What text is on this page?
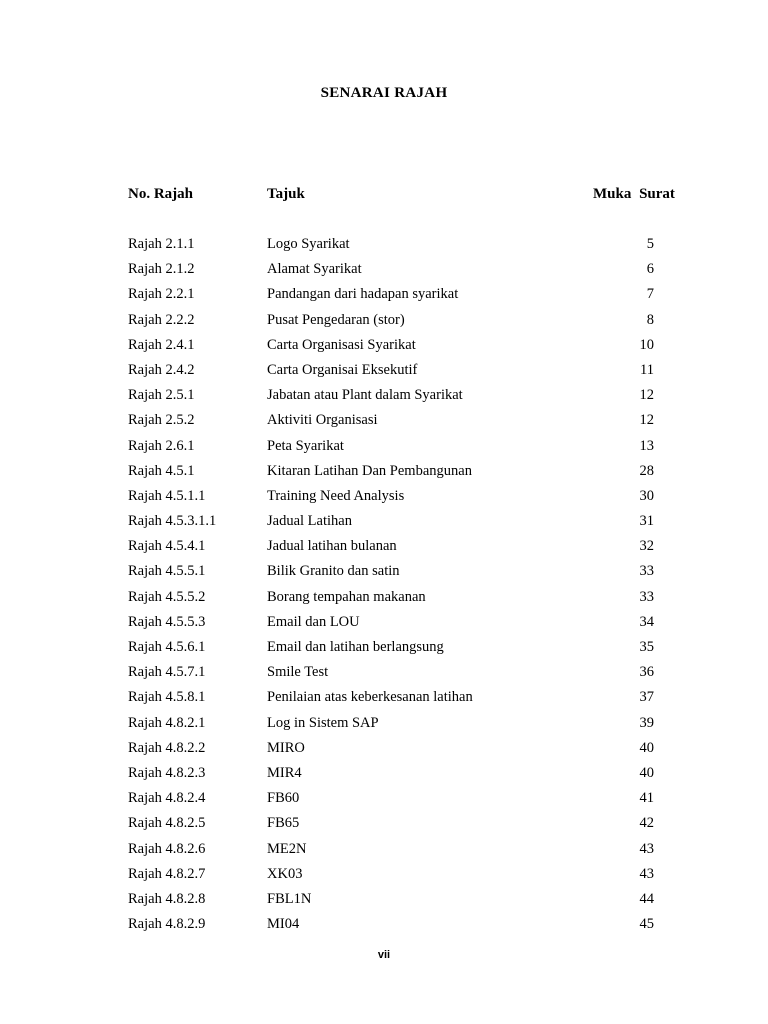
SENARAI RAJAH
No. Rajah	Tajuk	Muka Surat
Rajah 2.1.1	Logo Syarikat	5
Rajah 2.1.2	Alamat Syarikat	6
Rajah 2.2.1	Pandangan dari hadapan syarikat	7
Rajah 2.2.2	Pusat Pengedaran (stor)	8
Rajah 2.4.1	Carta Organisasi Syarikat	10
Rajah 2.4.2	Carta Organisai Eksekutif	11
Rajah 2.5.1	Jabatan atau Plant dalam Syarikat	12
Rajah 2.5.2	Aktiviti Organisasi	12
Rajah 2.6.1	Peta Syarikat	13
Rajah 4.5.1	Kitaran Latihan Dan Pembangunan	28
Rajah 4.5.1.1	Training Need Analysis	30
Rajah 4.5.3.1.1	Jadual Latihan	31
Rajah 4.5.4.1	Jadual latihan bulanan	32
Rajah 4.5.5.1	Bilik Granito dan satin	33
Rajah 4.5.5.2	Borang tempahan makanan	33
Rajah 4.5.5.3	Email dan LOU	34
Rajah 4.5.6.1	Email dan latihan berlangsung	35
Rajah 4.5.7.1	Smile Test	36
Rajah 4.5.8.1	Penilaian atas keberkesanan latihan	37
Rajah 4.8.2.1	Log in Sistem SAP	39
Rajah 4.8.2.2	MIRO	40
Rajah 4.8.2.3	MIR4	40
Rajah 4.8.2.4	FB60	41
Rajah 4.8.2.5	FB65	42
Rajah 4.8.2.6	ME2N	43
Rajah 4.8.2.7	XK03	43
Rajah 4.8.2.8	FBL1N	44
Rajah 4.8.2.9	MI04	45
vii
